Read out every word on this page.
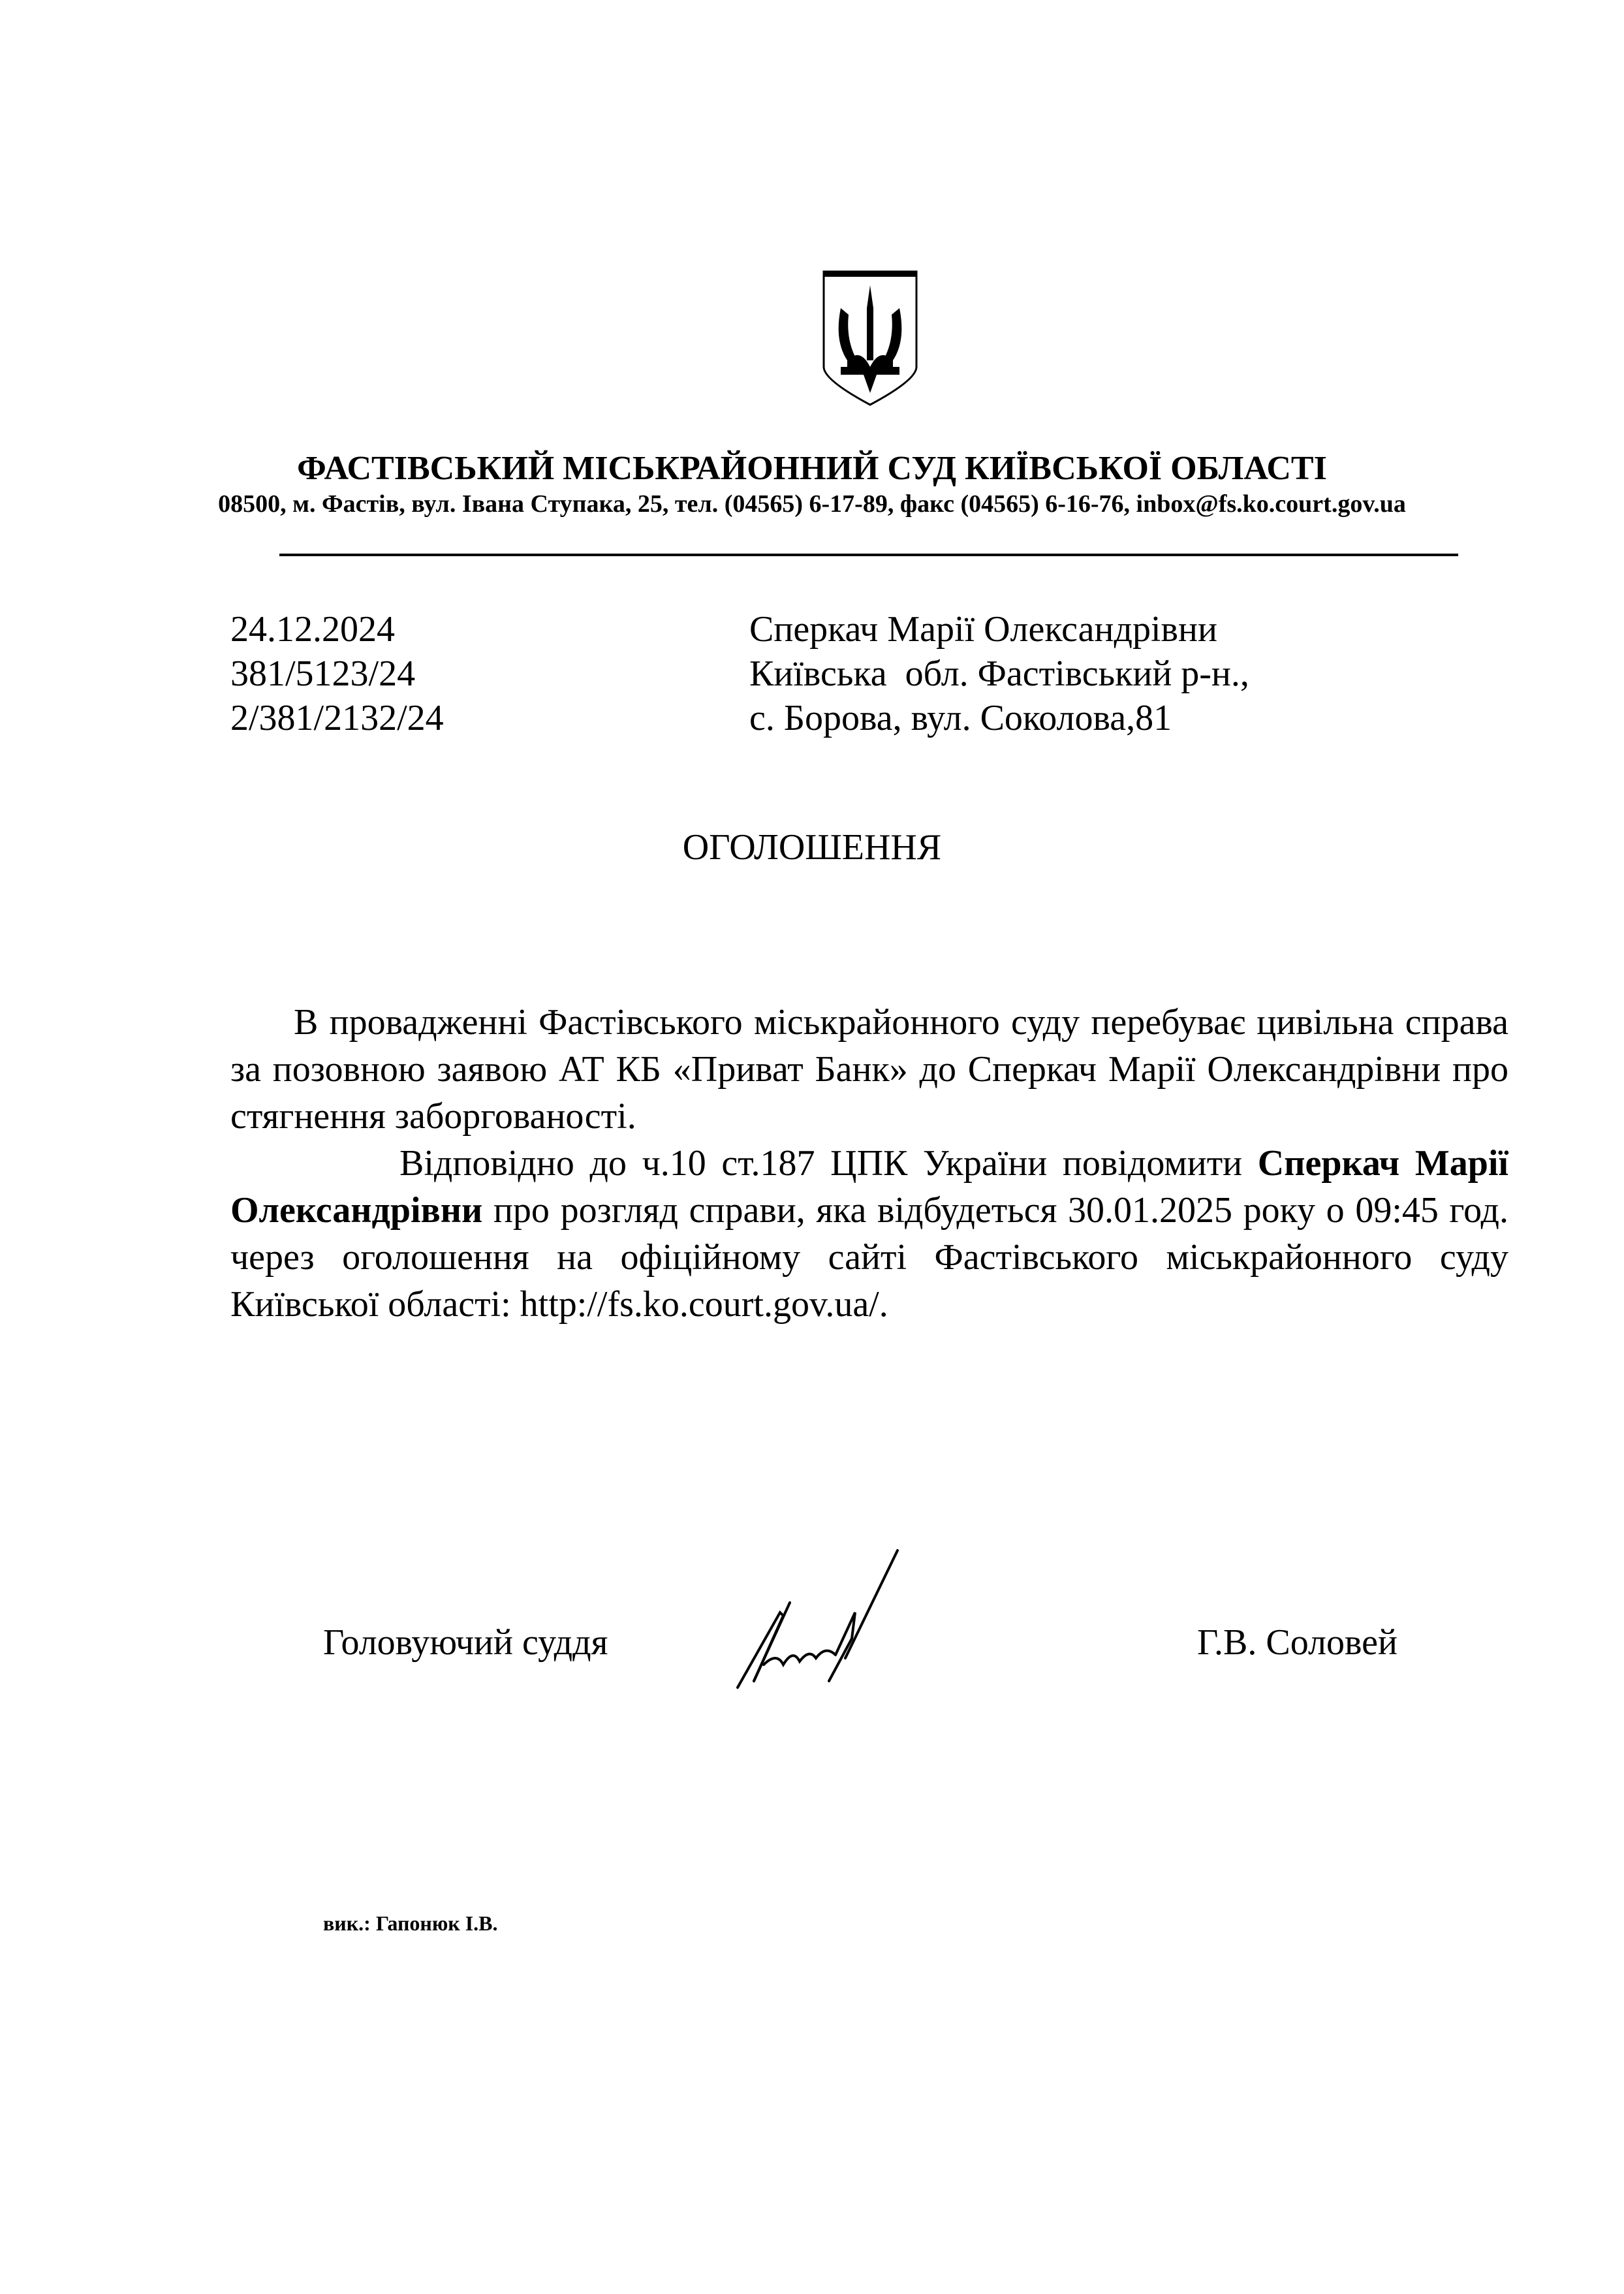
ФАСТІВСЬКИЙ МІСЬКРАЙОННИЙ СУД КИЇВСЬКОЇ ОБЛАСТІ
08500, м. Фастів, вул. Івана Ступака, 25, тел. (04565) 6-17-89, факс (04565) 6-16-76, inbox@fs.ko.court.gov.ua
24.12.2024
381/5123/24
2/381/2132/24
Сперкач Марії Олександрівни
Київська  обл. Фастівський р-н.,
с. Борова, вул. Соколова,81
ОГОЛОШЕННЯ

В провадженні Фастівського міськрайонного суду перебуває цивільна справа за позовною заявою АТ КБ «Приват Банк» до Сперкач Марії Олександрівни про стягнення заборгованості.

Відповідно до ч.10 ст.187 ЦПК України повідомити Сперкач Марії Олександрівни про розгляд справи, яка відбудеться 30.01.2025 року о 09:45 год. через оголошення на офіційному сайті Фастівського міськрайонного суду Київської області: http://fs.ko.court.gov.ua/.

Головуючий суддя	Г.В. Соловей
вик.: Гапонюк І.В.
